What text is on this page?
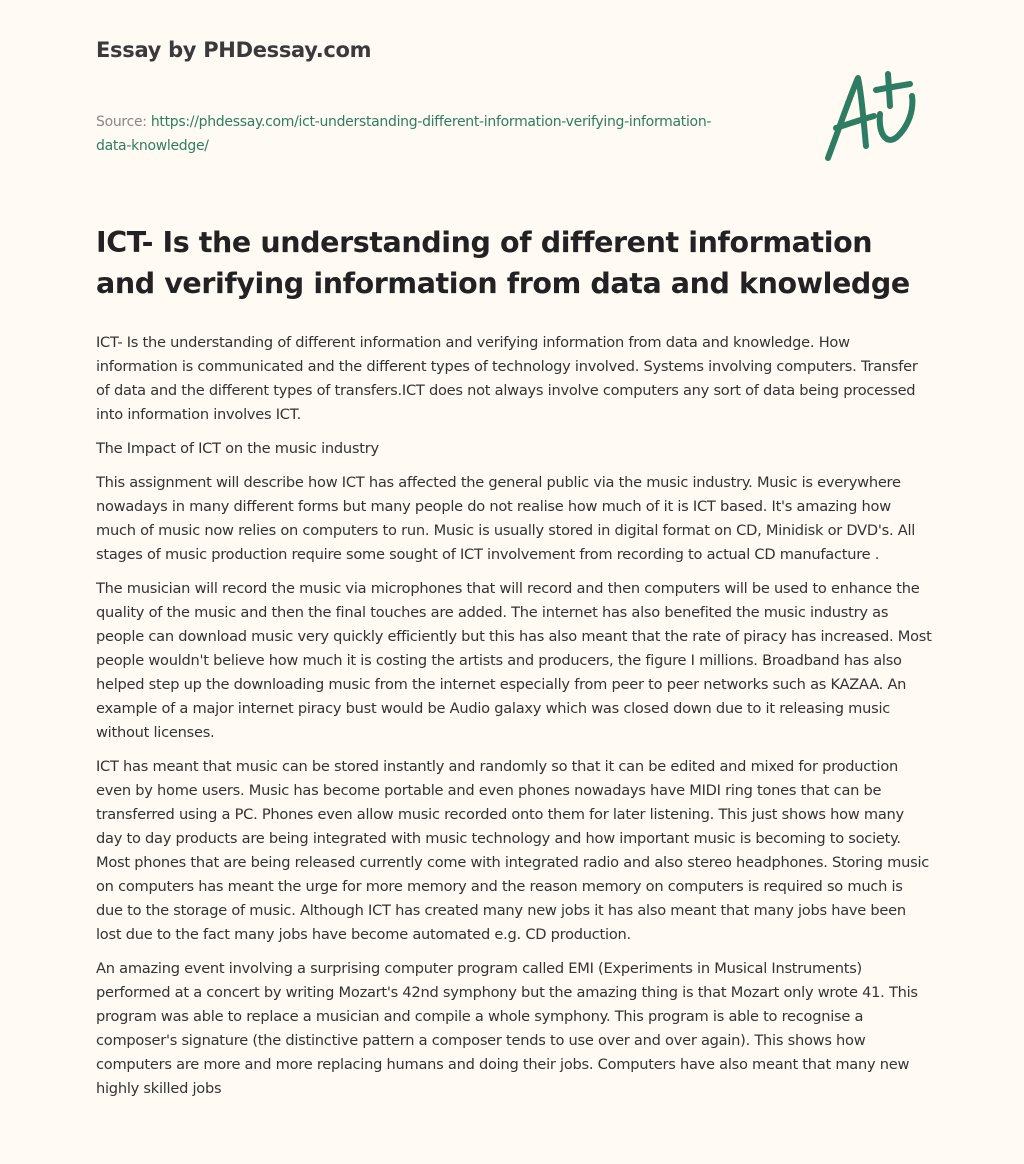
Essay by PHDessay.com
Source: https://phdessay.com/ict-understanding-different-information-verifying-information-data-knowledge/
ICT- Is the understanding of different information and verifying information from data and knowledge

ICT- Is the understanding of different information and verifying information from data and knowledge. How information is communicated and the different types of technology involved. Systems involving computers. Transfer of data and the different types of transfers.ICT does not always involve computers any sort of data being processed into information involves ICT.

The Impact of ICT on the music industry

This assignment will describe how ICT has affected the general public via the music industry. Music is everywhere nowadays in many different forms but many people do not realise how much of it is ICT based. It's amazing how much of music now relies on computers to run. Music is usually stored in digital format on CD, Minidisk or DVD's. All stages of music production require some sought of ICT involvement from recording to actual CD manufacture .

The musician will record the music via microphones that will record and then computers will be used to enhance the quality of the music and then the final touches are added. The internet has also benefited the music industry as people can download music very quickly efficiently but this has also meant that the rate of piracy has increased. Most people wouldn't believe how much it is costing the artists and producers, the figure I millions. Broadband has also helped step up the downloading music from the internet especially from peer to peer networks such as KAZAA. An example of a major internet piracy bust would be Audio galaxy which was closed down due to it releasing music without licenses.

ICT has meant that music can be stored instantly and randomly so that it can be edited and mixed for production even by home users. Music has become portable and even phones nowadays have MIDI ring tones that can be transferred using a PC. Phones even allow music recorded onto them for later listening. This just shows how many day to day products are being integrated with music technology and how important music is becoming to society. Most phones that are being released currently come with integrated radio and also stereo headphones. Storing music on computers has meant the urge for more memory and the reason memory on computers is required so much is due to the storage of music. Although ICT has created many new jobs it has also meant that many jobs have been lost due to the fact many jobs have become automated e.g. CD production.

An amazing event involving a surprising computer program called EMI (Experiments in Musical Instruments) performed at a concert by writing Mozart's 42nd symphony but the amazing thing is that Mozart only wrote 41. This program was able to replace a musician and compile a whole symphony. This program is able to recognise a composer's signature (the distinctive pattern a composer tends to use over and over again). This shows how computers are more and more replacing humans and doing their jobs. Computers have also meant that many new highly skilled jobs
